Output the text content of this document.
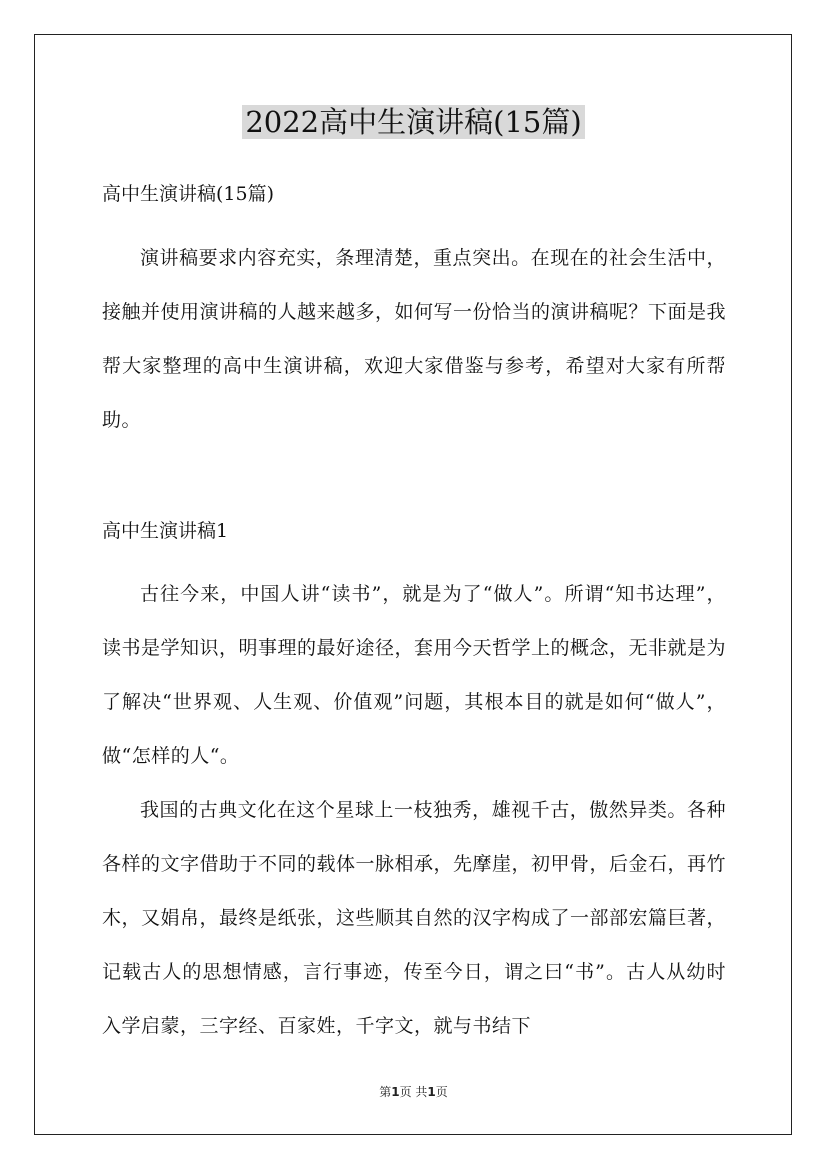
2022高中生演讲稿(15篇)
高中生演讲稿(15篇)

演讲稿要求内容充实，条理清楚，重点突出。在现在的社会生活中，接触并使用演讲稿的人越来越多，如何写一份恰当的演讲稿呢？下面是我帮大家整理的高中生演讲稿，欢迎大家借鉴与参考，希望对大家有所帮助。

高中生演讲稿1

古往今来，中国人讲“读书”，就是为了“做人”。所谓“知书达理”，读书是学知识，明事理的最好途径，套用今天哲学上的概念，无非就是为了解决“世界观、人生观、价值观”问题，其根本目的就是如何“做人”，做“怎样的人“。

我国的古典文化在这个星球上一枝独秀，雄视千古，傲然异类。各种各样的文字借助于不同的载体一脉相承，先摩崖，初甲骨，后金石，再竹木，又娟帛，最终是纸张，这些顺其自然的汉字构成了一部部宏篇巨著，记载古人的思想情感，言行事迹，传至今日，谓之曰“书”。古人从幼时入学启蒙，三字经、百家姓，千字文，就与书结下

第1页 共1页
